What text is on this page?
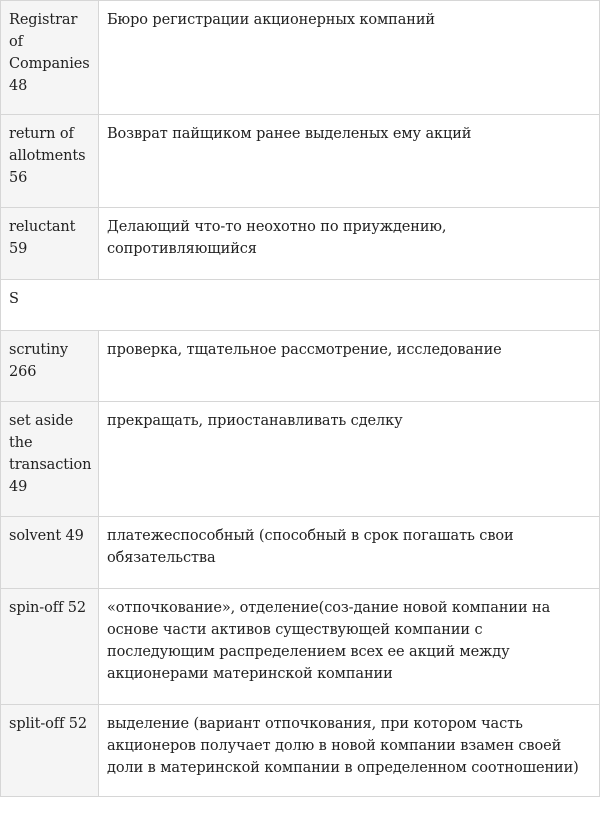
Registrar of Companies 48	Бюро регистрации акционерных компаний
return of allotments 56	Возврат пайщиком ранее выделеных ему акций
reluctant 59	Делающий что-то неохотно по приуждению, сопротивляющийся
S	
scrutiny 266	проверка, тщательное рассмотрение, исследование
set aside the transaction 49	прекращать, приостанавливать сделку
solvent 49	платежеспособный (способный в срок погашать свои обязательства
spin-off 52	«отпочкование», отделение(соз-дание новой компании на основе части активов существующей компании с последующим распределением всех ее акций между акционерами материнской компании
split-off 52	выделение (вариант отпочкования, при котором часть акционеров получает долю в новой компании взамен своей доли в материнской компании в определенном соотношении)
